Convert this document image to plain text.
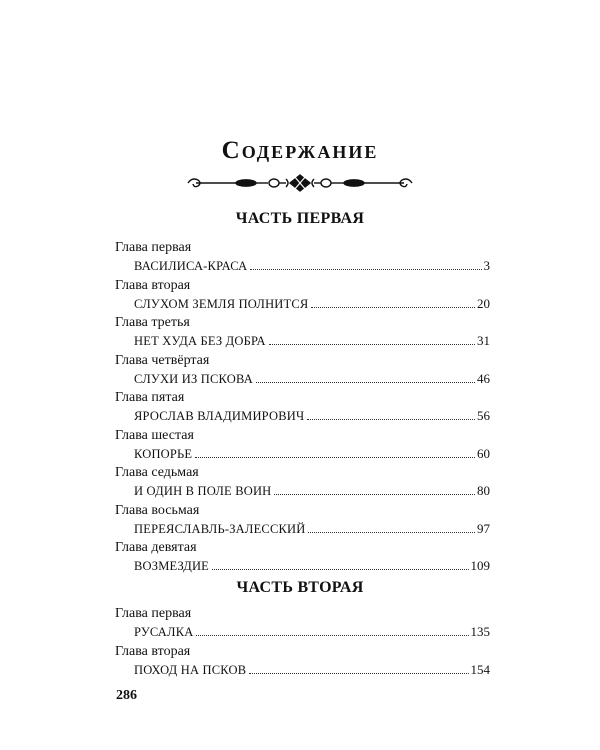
Содержание
ЧАСТЬ ПЕРВАЯ
Глава первая
ВАСИЛИСА-КРАСА	3
Глава вторая
СЛУХОМ ЗЕМЛЯ ПОЛНИТСЯ	20
Глава третья
НЕТ ХУДА БЕЗ ДОБРА	31
Глава четвёртая
СЛУХИ ИЗ ПСКОВА	46
Глава пятая
ЯРОСЛАВ ВЛАДИМИРОВИЧ	56
Глава шестая
КОПОРЬЕ	60
Глава седьмая
И ОДИН В ПОЛЕ ВОИН	80
Глава восьмая
ПЕРЕЯСЛАВЛЬ-ЗАЛЕССКИЙ	97
Глава девятая
ВОЗМЕЗДИЕ	109
ЧАСТЬ ВТОРАЯ
Глава первая
РУСАЛКА	135
Глава вторая
ПОХОД НА ПСКОВ	154
286
